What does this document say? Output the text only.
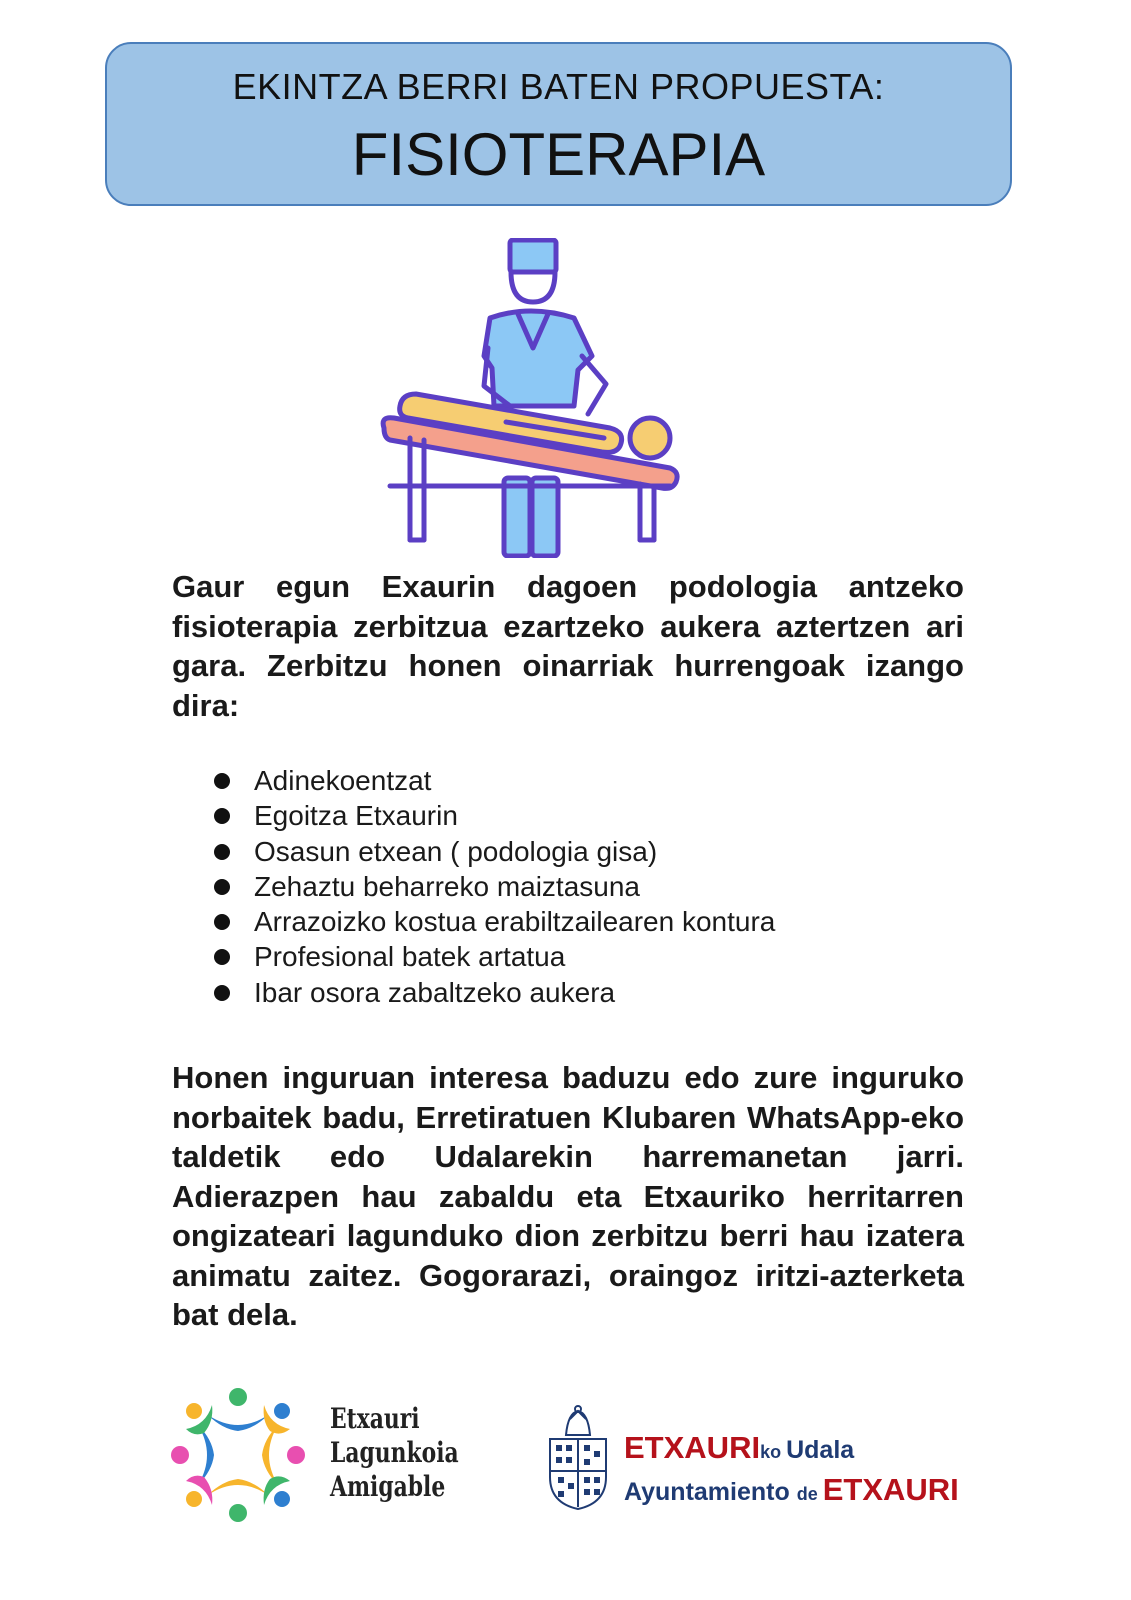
EKINTZA BERRI BATEN PROPUESTA:
FISIOTERAPIA
Gaur egun Exaurin dagoen podologia antzeko fisioterapia zerbitzua ezartzeko aukera aztertzen ari gara. Zerbitzu honen oinarriak hurrengoak izango dira:
Adinekoentzat
Egoitza Etxaurin
Osasun etxean ( podologia gisa)
Zehaztu beharreko maiztasuna
Arrazoizko kostua erabiltzailearen kontura
Profesional batek artatua
Ibar osora zabaltzeko aukera
Honen inguruan interesa baduzu edo zure inguruko norbaitek badu, Erretiratuen Klubaren WhatsApp-eko taldetik edo Udalarekin harremanetan jarri. Adierazpen hau zabaldu eta Etxauriko herritarren ongizateari lagunduko dion zerbitzu berri hau izatera animatu zaitez. Gogorarazi, oraingoz iritzi-azterketa bat dela.
Etxauri
Lagunkoia
Amigable
ETXAURIko Udala
Ayuntamiento de ETXAURI
